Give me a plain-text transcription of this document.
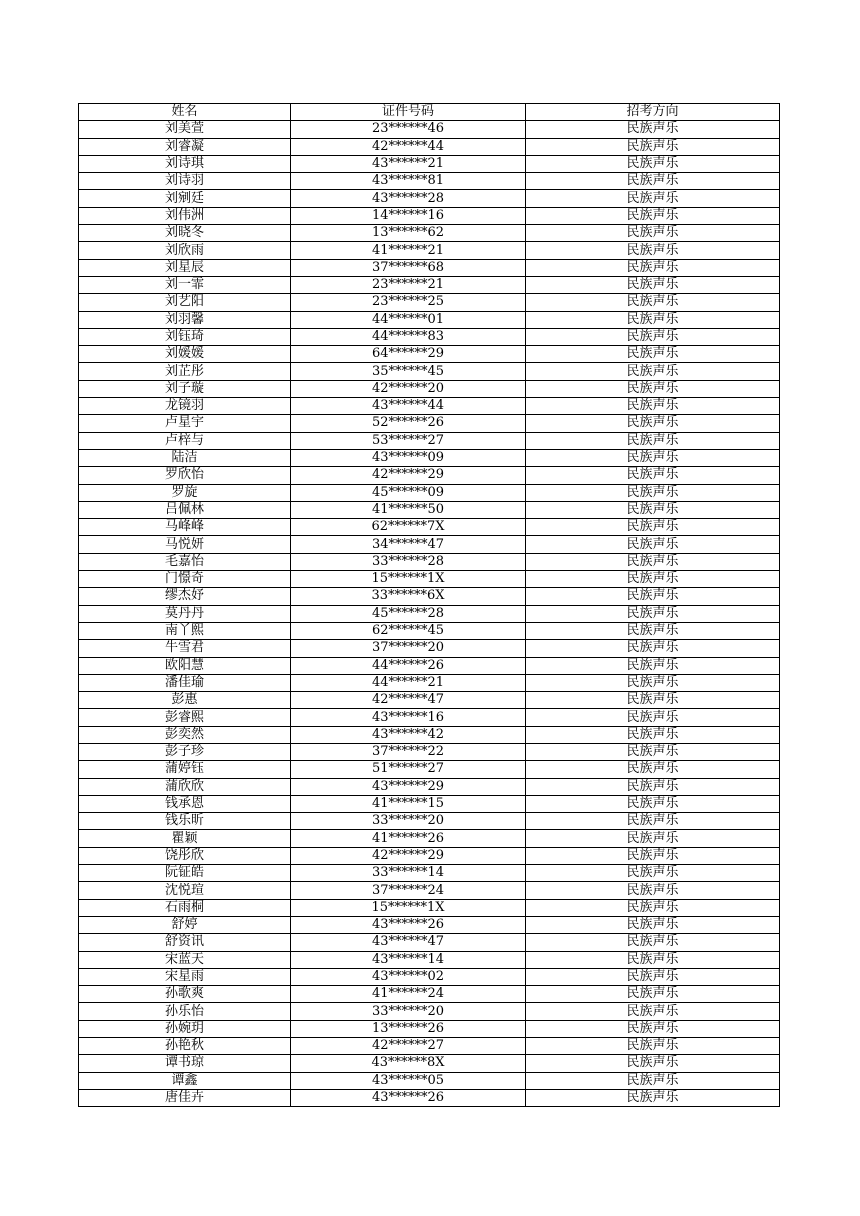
姓名	证件号码	招考方向
刘美萱	23******46	民族声乐
刘睿凝	42******44	民族声乐
刘诗琪	43******21	民族声乐
刘诗羽	43******81	民族声乐
刘剜廷	43******28	民族声乐
刘伟洲	14******16	民族声乐
刘晓冬	13******62	民族声乐
刘欣雨	41******21	民族声乐
刘星辰	37******68	民族声乐
刘一霏	23******21	民族声乐
刘艺阳	23******25	民族声乐
刘羽馨	44******01	民族声乐
刘钰琦	44******83	民族声乐
刘媛媛	64******29	民族声乐
刘芷彤	35******45	民族声乐
刘子璇	42******20	民族声乐
龙镜羽	43******44	民族声乐
卢星宇	52******26	民族声乐
卢梓与	53******27	民族声乐
陆洁	43******09	民族声乐
罗欣怡	42******29	民族声乐
罗旋	45******09	民族声乐
吕佩林	41******50	民族声乐
马峰峰	62******7X	民族声乐
马悦妍	34******47	民族声乐
毛嘉怡	33******28	民族声乐
门憬奇	15******1X	民族声乐
缪杰妤	33******6X	民族声乐
莫丹丹	45******28	民族声乐
南丫熙	62******45	民族声乐
牛雪君	37******20	民族声乐
欧阳慧	44******26	民族声乐
潘佳瑜	44******21	民族声乐
彭惠	42******47	民族声乐
彭睿熙	43******16	民族声乐
彭奕然	43******42	民族声乐
彭子珍	37******22	民族声乐
蒲婷钰	51******27	民族声乐
蒲欣欣	43******29	民族声乐
钱承恩	41******15	民族声乐
钱乐昕	33******20	民族声乐
瞿颖	41******26	民族声乐
饶彤欣	42******29	民族声乐
阮钲皓	33******14	民族声乐
沈悦瑄	37******24	民族声乐
石雨桐	15******1X	民族声乐
舒婷	43******26	民族声乐
舒资讯	43******47	民族声乐
宋蓝天	43******14	民族声乐
宋星雨	43******02	民族声乐
孙歌爽	41******24	民族声乐
孙乐怡	33******20	民族声乐
孙婉玥	13******26	民族声乐
孙艳秋	42******27	民族声乐
谭书琼	43******8X	民族声乐
谭鑫	43******05	民族声乐
唐佳卉	43******26	民族声乐
